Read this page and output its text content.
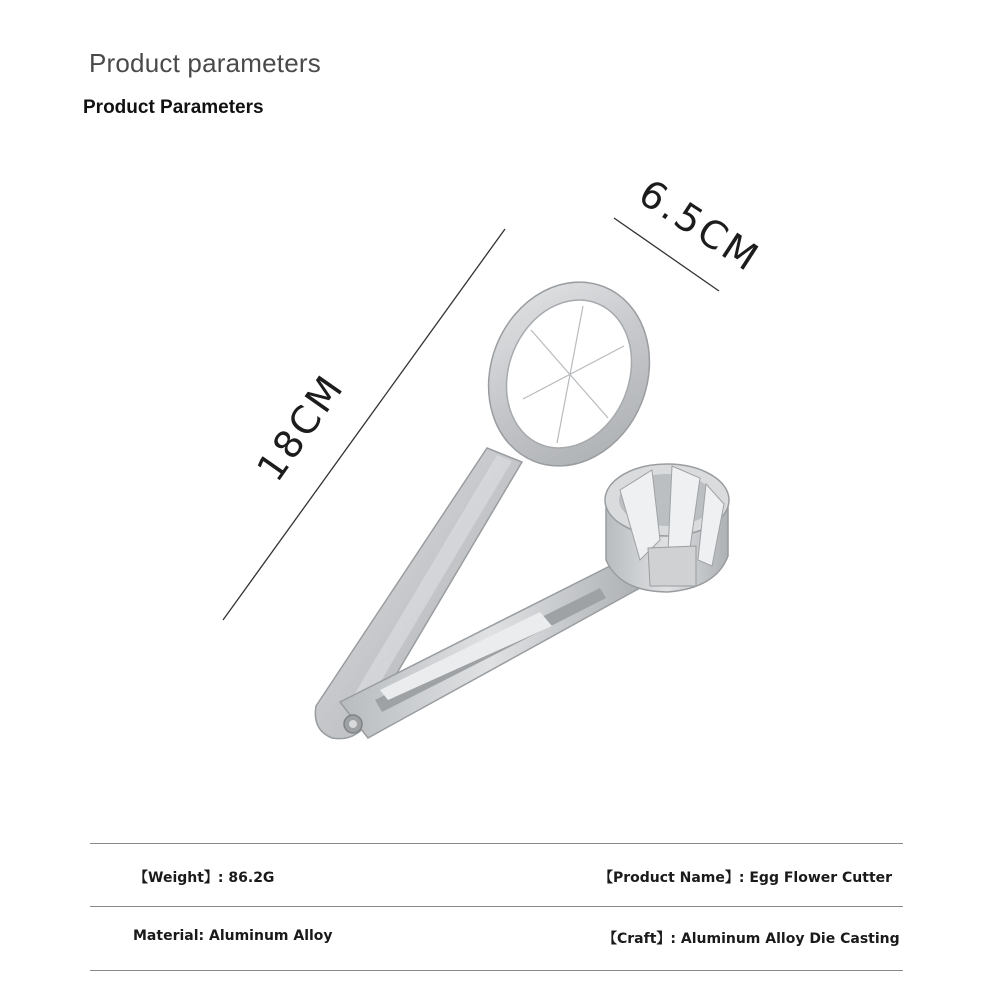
Product parameters
Product Parameters
18CM
6.5CM
【Weight】: 86.2G	【Product Name】: Egg Flower Cutter
Material: Aluminum Alloy	【Craft】: Aluminum Alloy Die Casting
